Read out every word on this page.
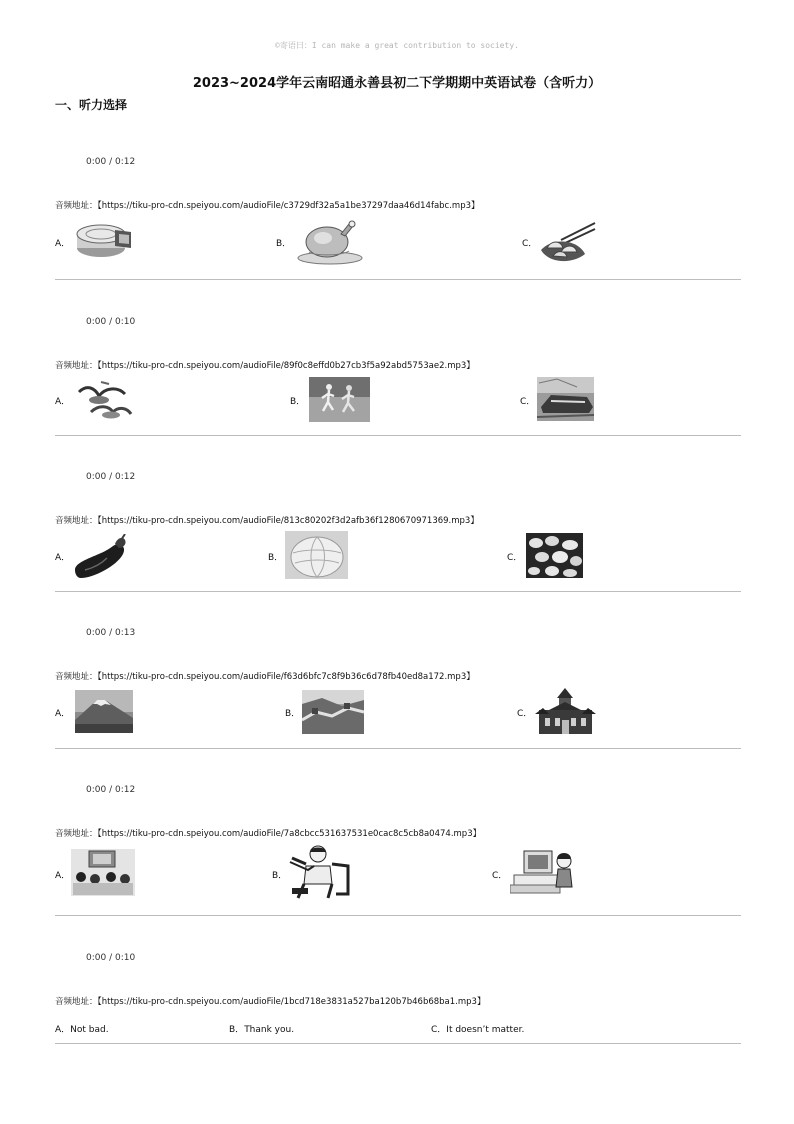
©寄语曰：I can make a great contribution to society.
2023~2024学年云南昭通永善县初二下学期期中英语试卷（含听力）
一、听力选择
0:00 / 0:12
音频地址：【https://tiku-pro-cdn.speiyou.com/audioFile/c3729df32a5a1be37297daa46d14fabc.mp3】
A．	B．	C．
0:00 / 0:10
音频地址：【https://tiku-pro-cdn.speiyou.com/audioFile/89f0c8effd0b27cb3f5a92abd5753ae2.mp3】
A．	B．	C．
0:00 / 0:12
音频地址：【https://tiku-pro-cdn.speiyou.com/audioFile/813c80202f3d2afb36f1280670971369.mp3】
A．	B．	C．
0:00 / 0:13
音频地址：【https://tiku-pro-cdn.speiyou.com/audioFile/f63d6bfc7c8f9b36c6d78fb40ed8a172.mp3】
A．	B．	C．
0:00 / 0:12
音频地址：【https://tiku-pro-cdn.speiyou.com/audioFile/7a8cbcc531637531e0cac8c5cb8a0474.mp3】
A．	B．	C．
0:00 / 0:10
音频地址：【https://tiku-pro-cdn.speiyou.com/audioFile/1bcd718e3831a527ba120b7b46b68ba1.mp3】
A．Not bad.	B．Thank you.	C．It doesn’t matter.
